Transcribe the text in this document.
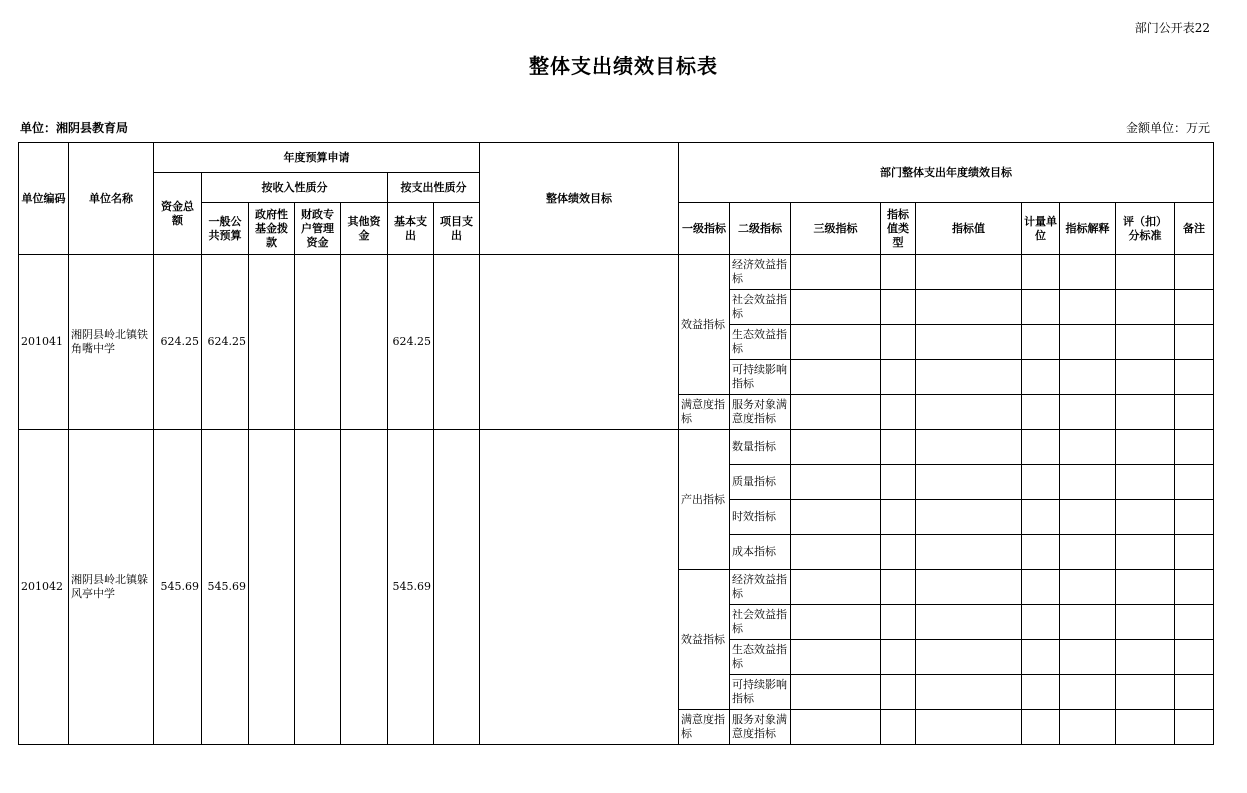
部门公开表22
整体支出绩效目标表
单位：湘阴县教育局	金额单位：万元
单位编码	单位名称	年度预算申请							整体绩效目标	部门整体支出年度绩效目标								
		资金总额	按收入性质分				按支出性质分											
			一般公共预算	政府性基金拨款	财政专户管理资金	其他资金	基本支出	项目支出		一级指标	二级指标	三级指标	指标值类型	指标值	计量单位	指标解释	评（扣）分标准	备注
201041	湘阴县岭北镇铁角嘴中学	624.25	624.25				624.25			效益指标	经济效益指标							
											社会效益指标							
											生态效益指标							
											可持续影响指标							
										满意度指标	服务对象满意度指标							
201042	湘阴县岭北镇躲风亭中学	545.69	545.69				545.69			产出指标	数量指标							
											质量指标							
											时效指标							
											成本指标							
										效益指标	经济效益指标							
											社会效益指标							
											生态效益指标							
											可持续影响指标							
										满意度指标	服务对象满意度指标							
